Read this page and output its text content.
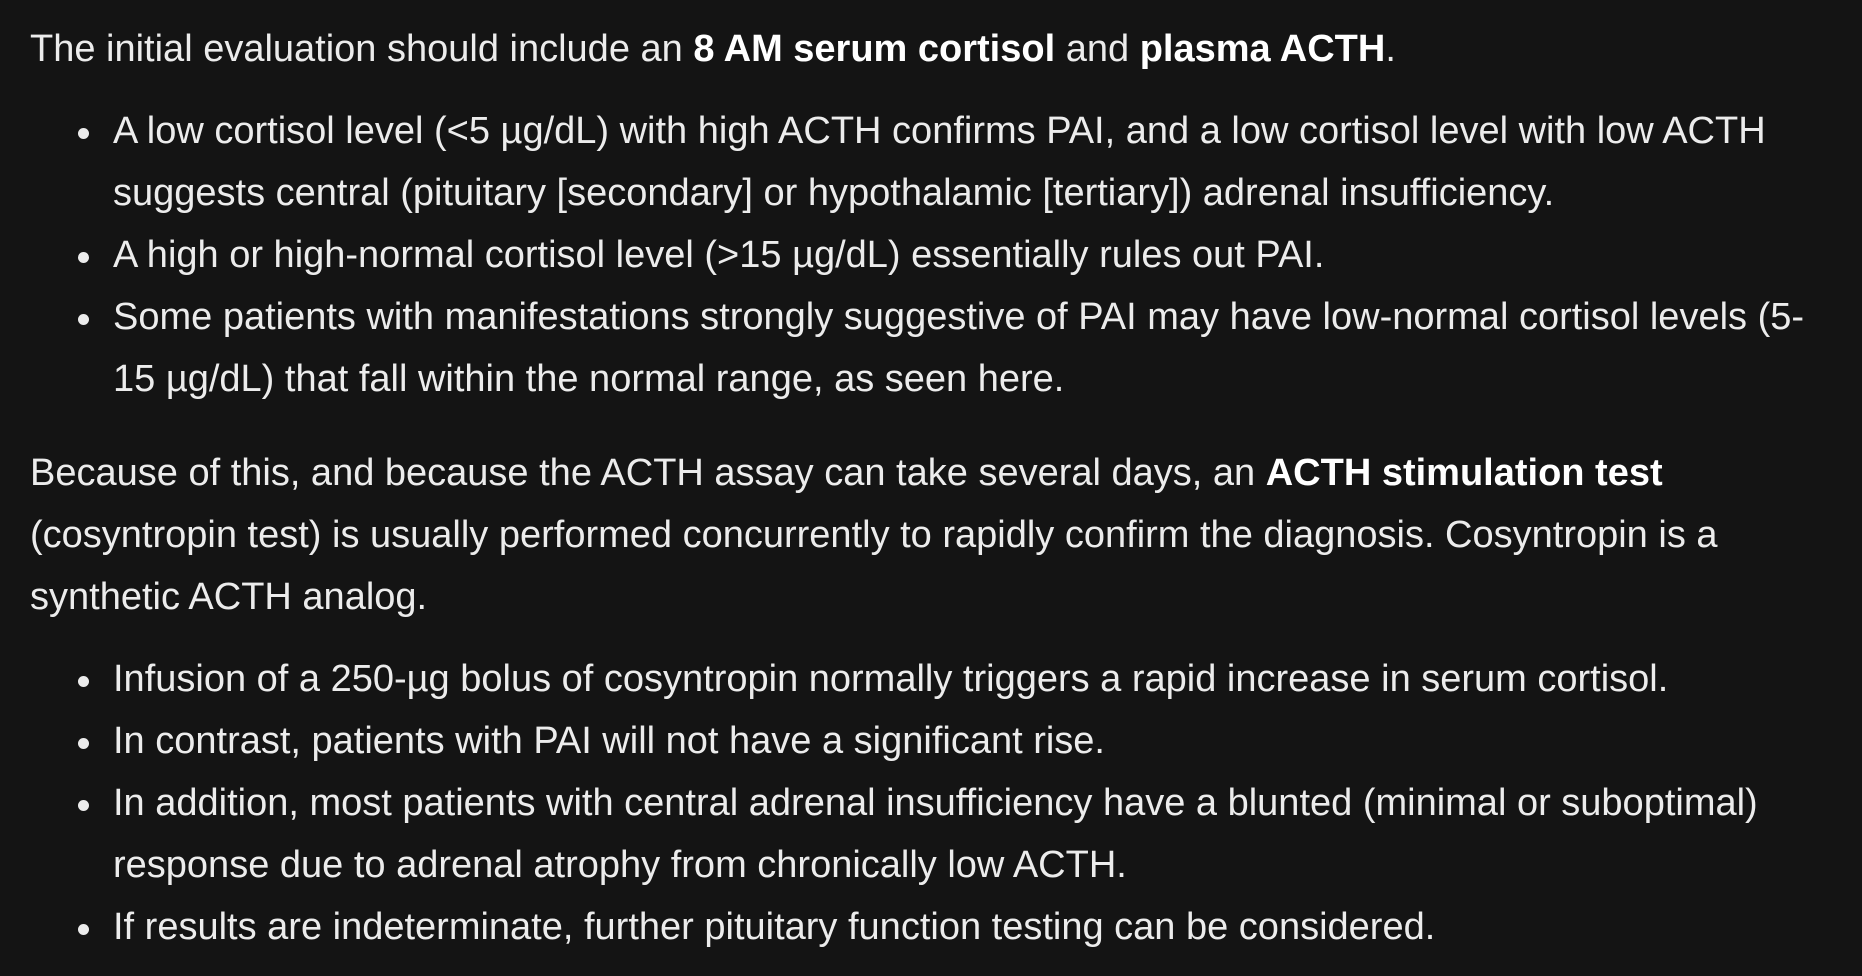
The initial evaluation should include an 8 AM serum cortisol and plasma ACTH.

A low cortisol level (<5 µg/dL) with high ACTH confirms PAI, and a low cortisol level with low ACTH suggests central (pituitary [secondary] or hypothalamic [tertiary]) adrenal insufficiency.
A high or high-normal cortisol level (>15 µg/dL) essentially rules out PAI.
Some patients with manifestations strongly suggestive of PAI may have low-normal cortisol levels (5-15 µg/dL) that fall within the normal range, as seen here.

Because of this, and because the ACTH assay can take several days, an ACTH stimulation test (cosyntropin test) is usually performed concurrently to rapidly confirm the diagnosis. Cosyntropin is a synthetic ACTH analog.

Infusion of a 250-µg bolus of cosyntropin normally triggers a rapid increase in serum cortisol.
In contrast, patients with PAI will not have a significant rise.
In addition, most patients with central adrenal insufficiency have a blunted (minimal or suboptimal) response due to adrenal atrophy from chronically low ACTH.
If results are indeterminate, further pituitary function testing can be considered.
